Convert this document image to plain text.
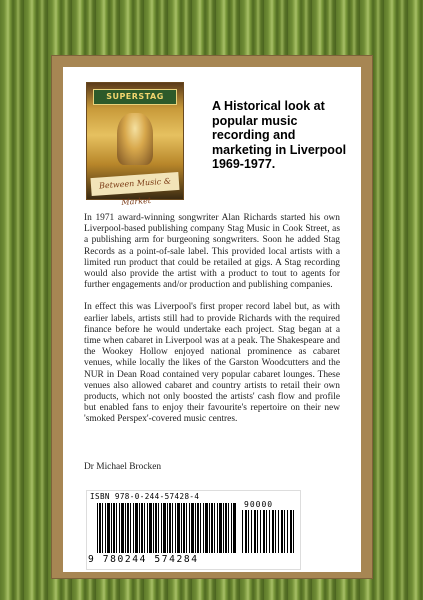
SUPERSTAG
Between Music & Market
A Historical look at popular music recording and marketing in Liverpool 1969-1977.

In 1971 award-winning songwriter Alan Richards started his own Liverpool-based publishing company Stag Music in Cook Street, as a publishing arm for burgeoning songwriters. Soon he added Stag Records as a point-of-sale label. This provided local artists with a limited run product that could be retailed at gigs. A Stag recording would also provide the artist with a product to tout to agents for further engagements and/or production and publishing companies.

In effect this was Liverpool's first proper record label but, as with earlier labels, artists still had to provide Richards with the required finance before he would undertake each project. Stag began at a time when cabaret in Liverpool was at a peak. The Shakespeare and the Wookey Hollow enjoyed national prominence as cabaret venues, while locally the likes of the Garston Woodcutters and the NUR in Dean Road contained very popular cabaret lounges. These venues also allowed cabaret and country artists to retail their own products, which not only boosted the artists' cash flow and profile but enabled fans to enjoy their favourite's repertoire on their new 'smoked Perspex'-covered music centres.

Dr Michael Brocken
ISBN 978-0-244-57428-4
90000
9 780244 574284
